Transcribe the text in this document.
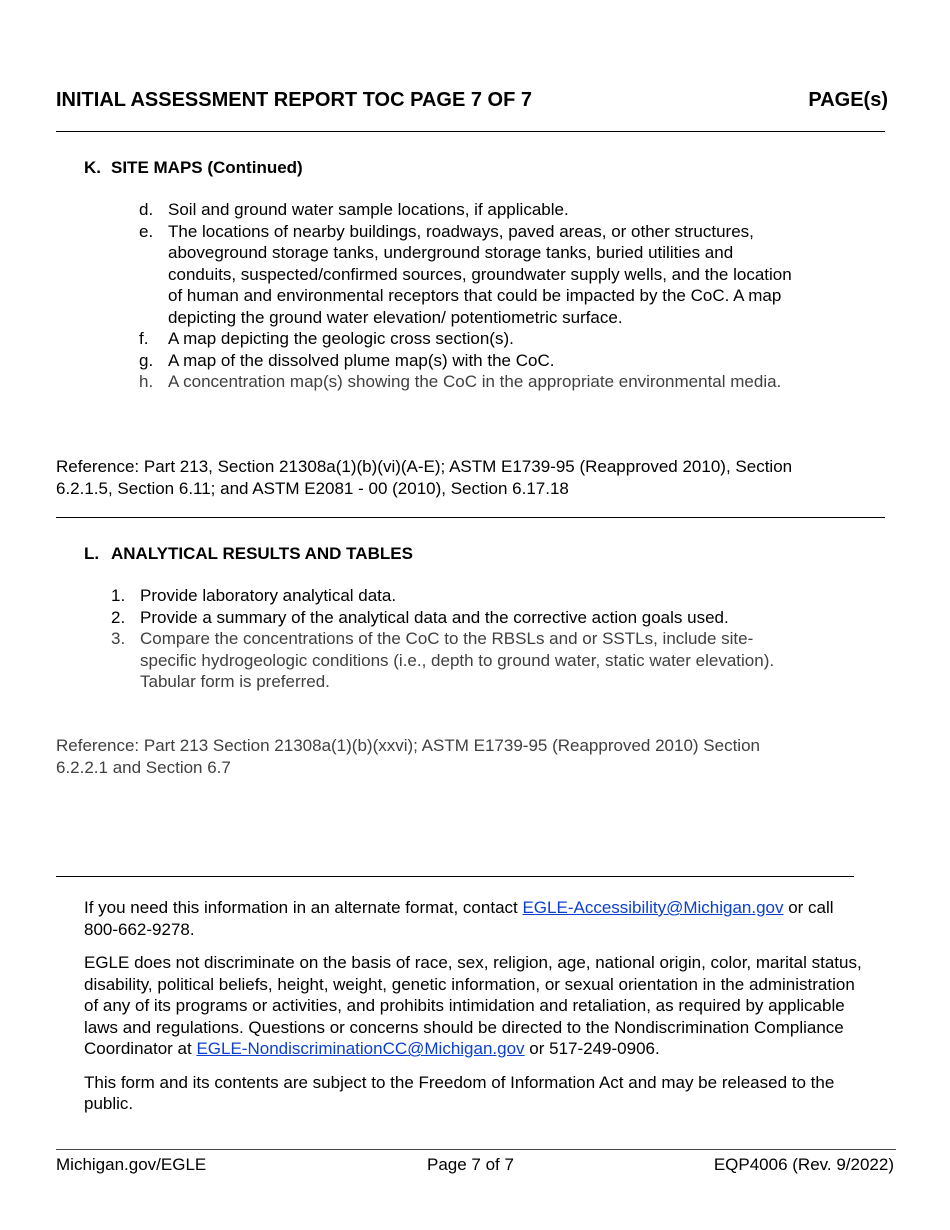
INITIAL ASSESSMENT REPORT TOC PAGE 7 OF 7	PAGE(s)
K. SITE MAPS (Continued)
d. Soil and ground water sample locations, if applicable.
e. The locations of nearby buildings, roadways, paved areas, or other structures, aboveground storage tanks, underground storage tanks, buried utilities and conduits, suspected/confirmed sources, groundwater supply wells, and the location of human and environmental receptors that could be impacted by the CoC. A map depicting the ground water elevation/ potentiometric surface.
f. A map depicting the geologic cross section(s).
g. A map of the dissolved plume map(s) with the CoC.
h. A concentration map(s) showing the CoC in the appropriate environmental media.
Reference: Part 213, Section 21308a(1)(b)(vi)(A-E); ASTM E1739-95 (Reapproved 2010), Section 6.2.1.5, Section 6.11; and ASTM E2081 - 00 (2010), Section 6.17.18
L. ANALYTICAL RESULTS AND TABLES
1. Provide laboratory analytical data.
2. Provide a summary of the analytical data and the corrective action goals used.
3. Compare the concentrations of the CoC to the RBSLs and or SSTLs, include site-specific hydrogeologic conditions (i.e., depth to ground water, static water elevation). Tabular form is preferred.
Reference: Part 213 Section 21308a(1)(b)(xxvi); ASTM E1739-95 (Reapproved 2010) Section 6.2.2.1 and Section 6.7

If you need this information in an alternate format, contact EGLE-Accessibility@Michigan.gov or call 800-662-9278.

EGLE does not discriminate on the basis of race, sex, religion, age, national origin, color, marital status, disability, political beliefs, height, weight, genetic information, or sexual orientation in the administration of any of its programs or activities, and prohibits intimidation and retaliation, as required by applicable laws and regulations. Questions or concerns should be directed to the Nondiscrimination Compliance Coordinator at EGLE-NondiscriminationCC@Michigan.gov or 517-249-0906.

This form and its contents are subject to the Freedom of Information Act and may be released to the public.

Michigan.gov/EGLE	Page 7 of 7	EQP4006 (Rev. 9/2022)
